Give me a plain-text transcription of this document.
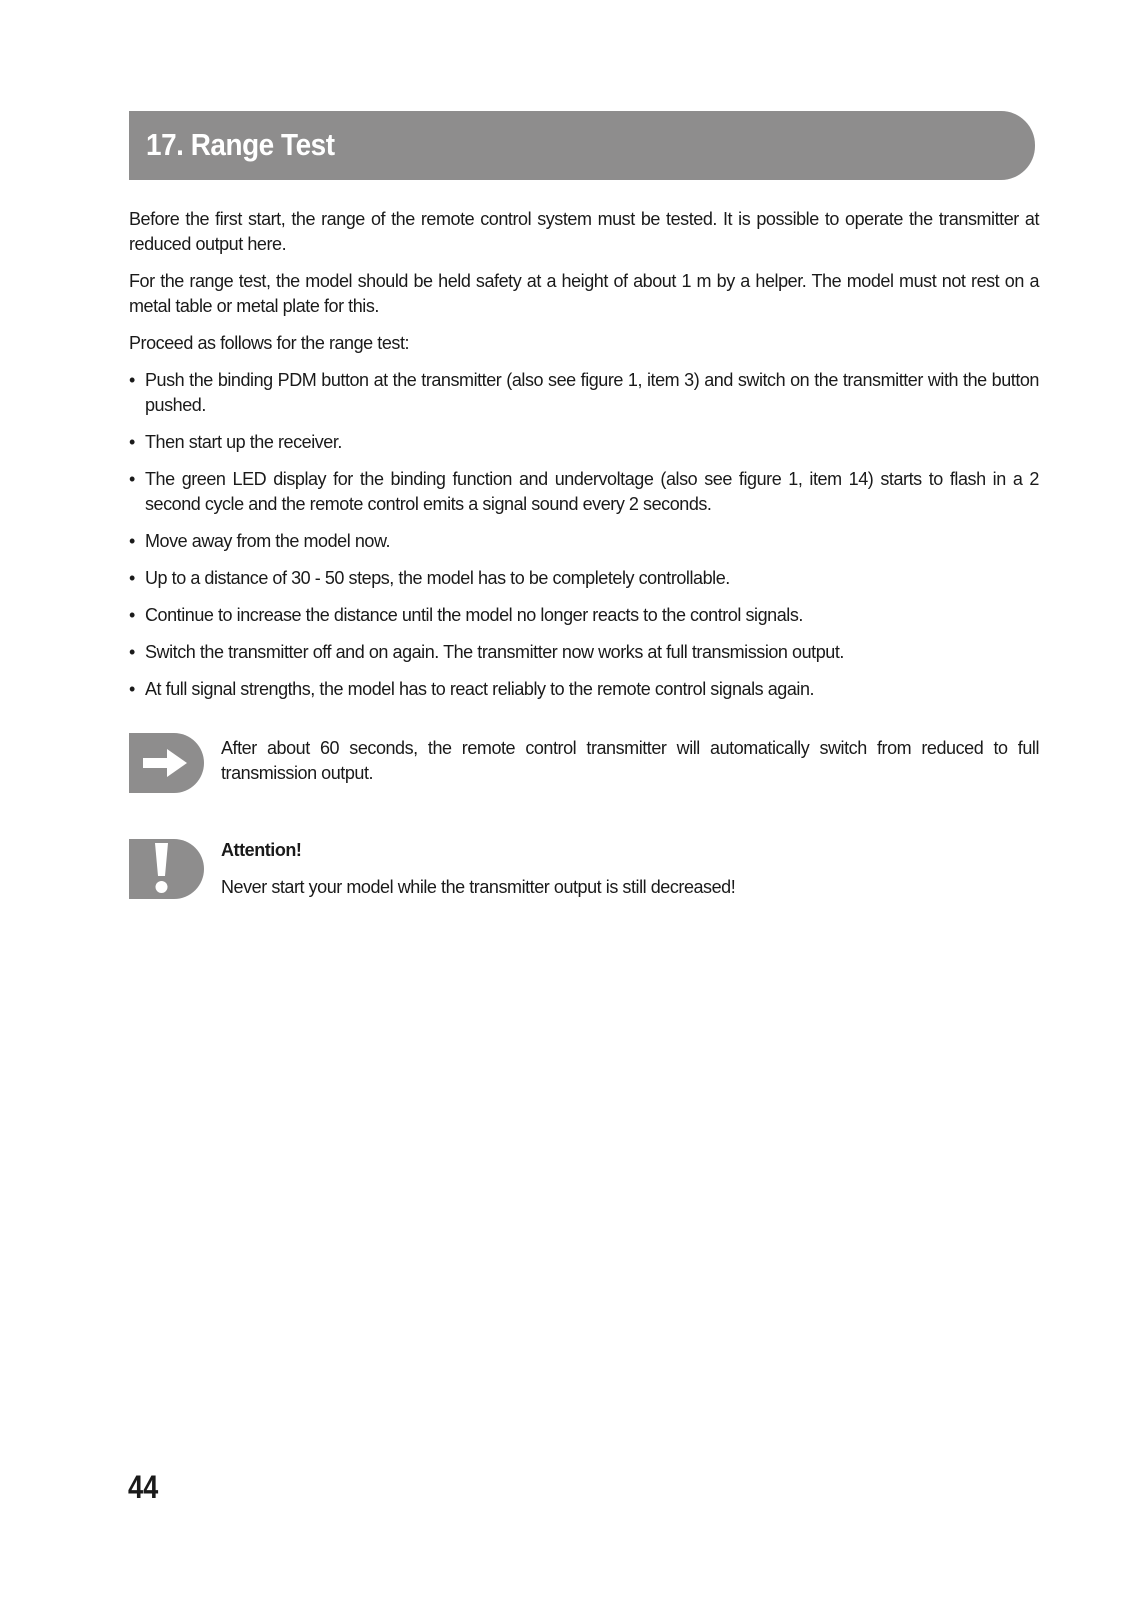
17. Range Test

Before the first start, the range of the remote control system must be tested. It is possible to operate the transmitter at reduced output here.

For the range test, the model should be held safety at a height of about 1 m by a helper. The model must not rest on a metal table or metal plate for this.

Proceed as follows for the range test:

• Push the binding PDM button at the transmitter (also see figure 1, item 3) and switch on the transmitter with the button pushed.
• Then start up the receiver.
• The green LED display for the binding function and undervoltage (also see figure 1, item 14) starts to flash in a 2 second cycle and the remote control emits a signal sound every 2 seconds.
• Move away from the model now.
• Up to a distance of 30 - 50 steps, the model has to be completely controllable.
• Continue to increase the distance until the model no longer reacts to the control signals.
• Switch the transmitter off and on again. The transmitter now works at full transmission output.
• At full signal strengths, the model has to react reliably to the remote control signals again.

After about 60 seconds, the remote control transmitter will automatically switch from reduced to full transmission output.

Attention!

Never start your model while the transmitter output is still decreased!

44
